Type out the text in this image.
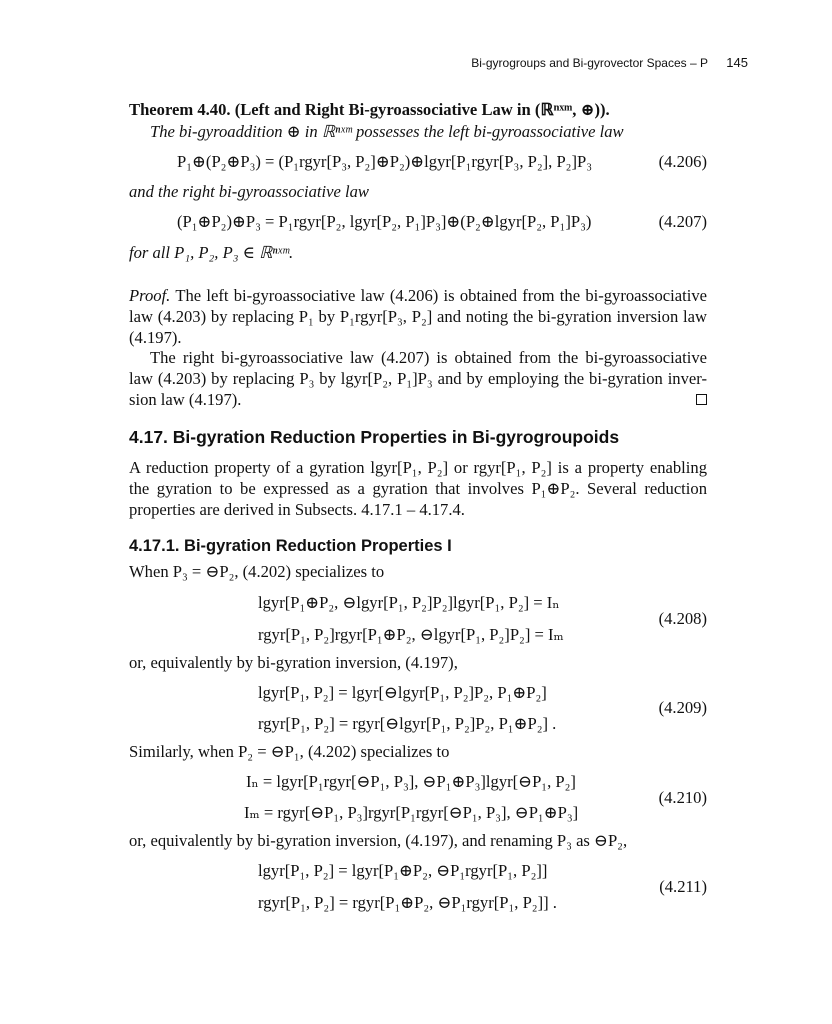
Bi-gyrogroups and Bi-gyrovector Spaces – P 145
Theorem 4.40. (Left and Right Bi-gyroassociative Law in (ℝⁿˣᵐ, ⊕)).
The bi-gyroaddition ⊕ in ℝⁿˣᵐ possesses the left bi-gyroassociative law
P₁⊕(P₂⊕P₃) = (P₁rgyr[P₃, P₂]⊕P₂)⊕lgyr[P₁rgyr[P₃, P₂], P₂]P₃	(4.206)
and the right bi-gyroassociative law
(P₁⊕P₂)⊕P₃ = P₁rgyr[P₂, lgyr[P₂, P₁]P₃]⊕(P₂⊕lgyr[P₂, P₁]P₃)	(4.207)
for all P₁, P₂, P₃ ∈ ℝⁿˣᵐ.
Proof. The left bi-gyroassociative law (4.206) is obtained from the bi-gyroassociative
law (4.203) by replacing P₁ by P₁rgyr[P₃, P₂] and noting the bi-gyration inversion law
(4.197).
The right bi-gyroassociative law (4.207) is obtained from the bi-gyroassociative
law (4.203) by replacing P₃ by lgyr[P₂, P₁]P₃ and by employing the bi-gyration inver-
sion law (4.197).
4.17. Bi-gyration Reduction Properties in Bi-gyrogroupoids
A reduction property of a gyration lgyr[P₁, P₂] or rgyr[P₁, P₂] is a property enabling
the gyration to be expressed as a gyration that involves P₁⊕P₂. Several reduction
properties are derived in Subsects. 4.17.1 – 4.17.4.
4.17.1. Bi-gyration Reduction Properties I
When P₃ = ⊖P₂, (4.202) specializes to
lgyr[P₁⊕P₂, ⊖lgyr[P₁, P₂]P₂]lgyr[P₁, P₂] = Iₙ
rgyr[P₁, P₂]rgyr[P₁⊕P₂, ⊖lgyr[P₁, P₂]P₂] = Iₘ
(4.208)
or, equivalently by bi-gyration inversion, (4.197),
lgyr[P₁, P₂] = lgyr[⊖lgyr[P₁, P₂]P₂, P₁⊕P₂]
rgyr[P₁, P₂] = rgyr[⊖lgyr[P₁, P₂]P₂, P₁⊕P₂] .
(4.209)
Similarly, when P₂ = ⊖P₁, (4.202) specializes to
Iₙ = lgyr[P₁rgyr[⊖P₁, P₃], ⊖P₁⊕P₃]lgyr[⊖P₁, P₂]
Iₘ = rgyr[⊖P₁, P₃]rgyr[P₁rgyr[⊖P₁, P₃], ⊖P₁⊕P₃]
(4.210)
or, equivalently by bi-gyration inversion, (4.197), and renaming P₃ as ⊖P₂,
lgyr[P₁, P₂] = lgyr[P₁⊕P₂, ⊖P₁rgyr[P₁, P₂]]
rgyr[P₁, P₂] = rgyr[P₁⊕P₂, ⊖P₁rgyr[P₁, P₂]] .
(4.211)
